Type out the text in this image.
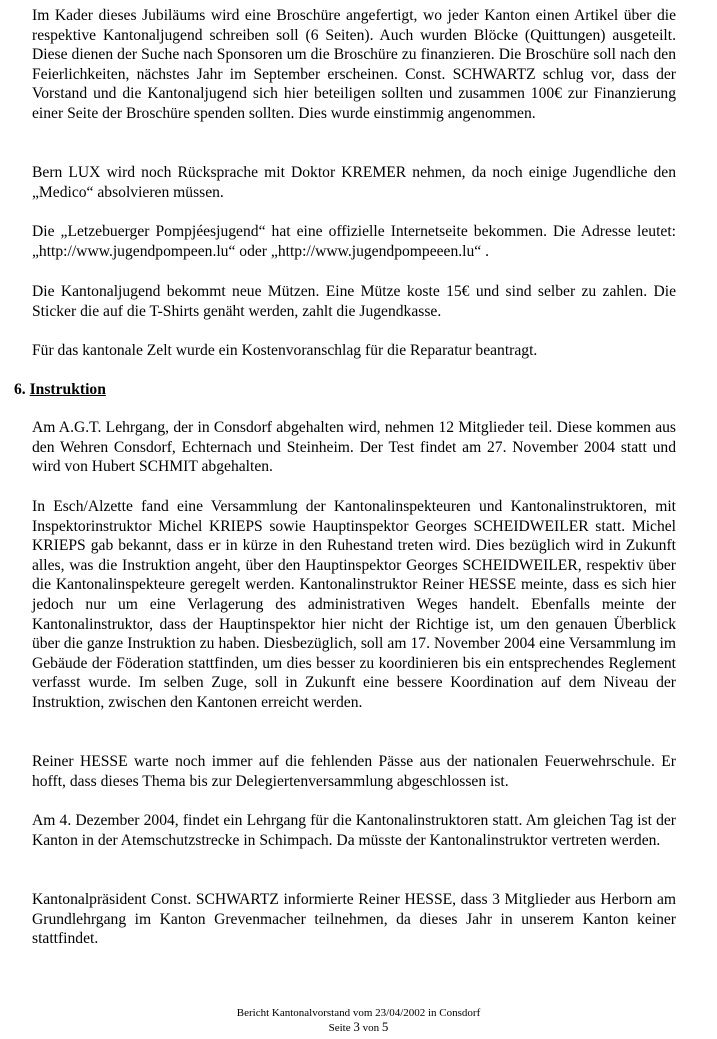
Im Kader dieses Jubiläums wird eine Broschüre angefertigt, wo jeder Kanton einen Artikel über die respektive Kantonaljugend schreiben soll (6 Seiten). Auch wurden Blöcke (Quittungen) ausgeteilt. Diese dienen der Suche nach Sponsoren um die Broschüre zu finanzieren. Die Broschüre soll nach den Feierlichkeiten, nächstes Jahr im September erscheinen. Const. SCHWARTZ schlug vor, dass der Vorstand und die Kantonaljugend sich hier beteiligen sollten und zusammen 100€ zur Finanzierung einer Seite der Broschüre spenden sollten. Dies wurde einstimmig angenommen.

Bern LUX wird noch Rücksprache mit Doktor KREMER nehmen, da noch einige Jugendliche den „Medico“ absolvieren müssen.

Die „Letzebuerger Pompjéesjugend“ hat eine offizielle Internetseite bekommen. Die Adresse leutet: „http://www.jugendpompeen.lu“ oder „http://www.jugendpompeeen.lu“ .

Die Kantonaljugend bekommt neue Mützen. Eine Mütze koste 15€ und sind selber zu zahlen. Die Sticker die auf die T-Shirts genäht werden, zahlt die Jugendkasse.

Für das kantonale Zelt wurde ein Kostenvoranschlag für die Reparatur beantragt.

6. Instruktion

Am A.G.T. Lehrgang, der in Consdorf abgehalten wird, nehmen 12 Mitglieder teil. Diese kommen aus den Wehren Consdorf, Echternach und Steinheim. Der Test findet am 27. November 2004 statt und wird von Hubert SCHMIT abgehalten.

In Esch/Alzette fand eine Versammlung der Kantonalinspekteuren und Kantonalinstruktoren, mit Inspektorinstruktor Michel KRIEPS sowie Hauptinspektor Georges SCHEIDWEILER statt. Michel KRIEPS gab bekannt, dass er in kürze in den Ruhestand treten wird. Dies bezüglich wird in Zukunft alles, was die Instruktion angeht, über den Hauptinspektor Georges SCHEIDWEILER, respektiv über die Kantonalinspekteure geregelt werden. Kantonalinstruktor Reiner HESSE meinte, dass es sich hier jedoch nur um eine Verlagerung des administrativen Weges handelt. Ebenfalls meinte der Kantonalinstruktor, dass der Hauptinspektor hier nicht der Richtige ist, um den genauen Überblick über die ganze Instruktion zu haben. Diesbezüglich, soll am 17. November 2004 eine Versammlung im Gebäude der Föderation stattfinden, um dies besser zu koordinieren bis ein entsprechendes Reglement verfasst wurde. Im selben Zuge, soll in Zukunft eine bessere Koordination auf dem Niveau der Instruktion, zwischen den Kantonen erreicht werden.

Reiner HESSE warte noch immer auf die fehlenden Pässe aus der nationalen Feuerwehrschule. Er hofft, dass dieses Thema bis zur Delegiertenversammlung abgeschlossen ist.

Am 4. Dezember 2004, findet ein Lehrgang für die Kantonalinstruktoren statt. Am gleichen Tag ist der Kanton in der Atemschutzstrecke in Schimpach. Da müsste der Kantonalinstruktor vertreten werden.

Kantonalpräsident Const. SCHWARTZ informierte Reiner HESSE, dass 3 Mitglieder aus Herborn am Grundlehrgang im Kanton Grevenmacher teilnehmen, da dieses Jahr in unserem Kanton keiner stattfindet.

Bericht Kantonalvorstand vom 23/04/2002 in Consdorf
Seite 3 von 5
